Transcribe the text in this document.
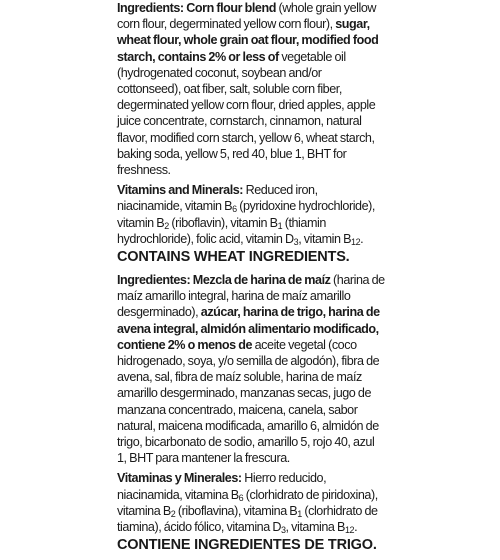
Ingredients: Corn flour blend (whole grain yellow corn flour, degerminated yellow corn flour), sugar, wheat flour, whole grain oat flour, modified food starch, contains 2% or less of vegetable oil (hydrogenated coconut, soybean and/or cottonseed), oat fiber, salt, soluble corn fiber, degerminated yellow corn flour, dried apples, apple juice concentrate, cornstarch, cinnamon, natural flavor, modified corn starch, yellow 6, wheat starch, baking soda, yellow 5, red 40, blue 1, BHT for freshness.

Vitamins and Minerals: Reduced iron, niacinamide, vitamin $B_6$ (pyridoxine hydrochloride), vitamin $B_2$ (riboflavin), vitamin $B_1$ (thiamin hydrochloride), folic acid, vitamin $D_3$, vitamin $B_{12}$.

CONTAINS WHEAT INGREDIENTS.

Ingredientes: Mezcla de harina de maíz (harina de maíz amarillo integral, harina de maíz amarillo desgerminado), azúcar, harina de trigo, harina de avena integral, almidón alimentario modificado, contiene 2% o menos de aceite vegetal (coco hidrogenado, soya, y/o semilla de algodón), fibra de avena, sal, fibra de maíz soluble, harina de maíz amarillo desgerminado, manzanas secas, jugo de manzana concentrado, maicena, canela, sabor natural, maicena modificada, amarillo 6, almidón de trigo, bicarbonato de sodio, amarillo 5, rojo 40, azul 1, BHT para mantener la frescura.

Vitaminas y Minerales: Hierro reducido, niacinamida, vitamina $B_6$ (clorhidrato de piridoxina), vitamina $B_2$ (riboflavina), vitamina $B_1$ (clorhidrato de tiamina), ácido fólico, vitamina $D_3$, vitamina $B_{12}$.

CONTIENE INGREDIENTES DE TRIGO.
